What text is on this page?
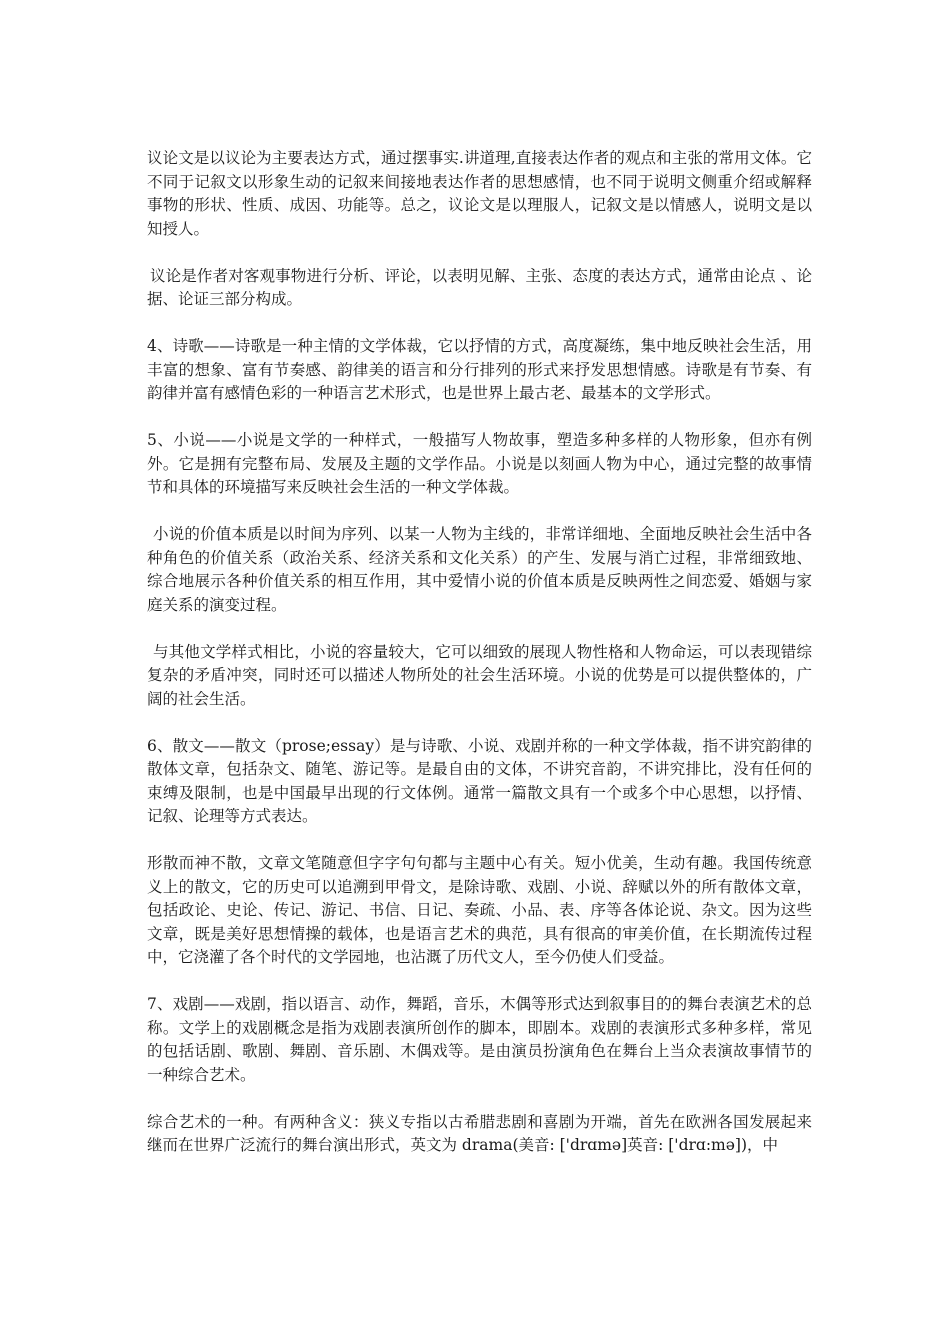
议论文是以议论为主要表达方式，通过摆事实.讲道理,直接表达作者的观点和主张的常用文体。它不同于记叙文以形象生动的记叙来间接地表达作者的思想感情，也不同于说明文侧重介绍或解释事物的形状、性质、成因、功能等。总之，议论文是以理服人，记叙文是以情感人，说明文是以知授人。

议论是作者对客观事物进行分析、评论，以表明见解、主张、态度的表达方式，通常由论点 、论据、论证三部分构成。

4、诗歌——诗歌是一种主情的文学体裁，它以抒情的方式，高度凝练，集中地反映社会生活，用丰富的想象、富有节奏感、韵律美的语言和分行排列的形式来抒发思想情感。诗歌是有节奏、有韵律并富有感情色彩的一种语言艺术形式，也是世界上最古老、最基本的文学形式。

5、小说——小说是文学的一种样式，一般描写人物故事，塑造多种多样的人物形象，但亦有例外。它是拥有完整布局、发展及主题的文学作品。小说是以刻画人物为中心，通过完整的故事情节和具体的环境描写来反映社会生活的一种文学体裁。

小说的价值本质是以时间为序列、以某一人物为主线的，非常详细地、全面地反映社会生活中各种角色的价值关系（政治关系、经济关系和文化关系）的产生、发展与消亡过程，非常细致地、综合地展示各种价值关系的相互作用，其中爱情小说的价值本质是反映两性之间恋爱、婚姻与家庭关系的演变过程。

与其他文学样式相比，小说的容量较大，它可以细致的展现人物性格和人物命运，可以表现错综复杂的矛盾冲突，同时还可以描述人物所处的社会生活环境。小说的优势是可以提供整体的，广阔的社会生活。

6、散文——散文（prose;essay）是与诗歌、小说、戏剧并称的一种文学体裁，指不讲究韵律的散体文章，包括杂文、随笔、游记等。是最自由的文体，不讲究音韵，不讲究排比，没有任何的束缚及限制，也是中国最早出现的行文体例。通常一篇散文具有一个或多个中心思想，以抒情、记叙、论理等方式表达。

形散而神不散，文章文笔随意但字字句句都与主题中心有关。短小优美，生动有趣。我国传统意义上的散文，它的历史可以追溯到甲骨文，是除诗歌、戏剧、小说、辞赋以外的所有散体文章，包括政论、史论、传记、游记、书信、日记、奏疏、小品、表、序等各体论说、杂文。因为这些文章，既是美好思想情操的载体，也是语言艺术的典范，具有很高的审美价值，在长期流传过程中，它浇灌了各个时代的文学园地，也沾溉了历代文人，至今仍使人们受益。

7、戏剧——戏剧，指以语言、动作，舞蹈，音乐，木偶等形式达到叙事目的的舞台表演艺术的总称。文学上的戏剧概念是指为戏剧表演所创作的脚本，即剧本。戏剧的表演形式多种多样，常见的包括话剧、歌剧、舞剧、音乐剧、木偶戏等。是由演员扮演角色在舞台上当众表演故事情节的一种综合艺术。

综合艺术的一种。有两种含义：狭义专指以古希腊悲剧和喜剧为开端，首先在欧洲各国发展起来继而在世界广泛流行的舞台演出形式，英文为 drama(美音: ['drɑmə]英音: ['drɑ:mə])，中
